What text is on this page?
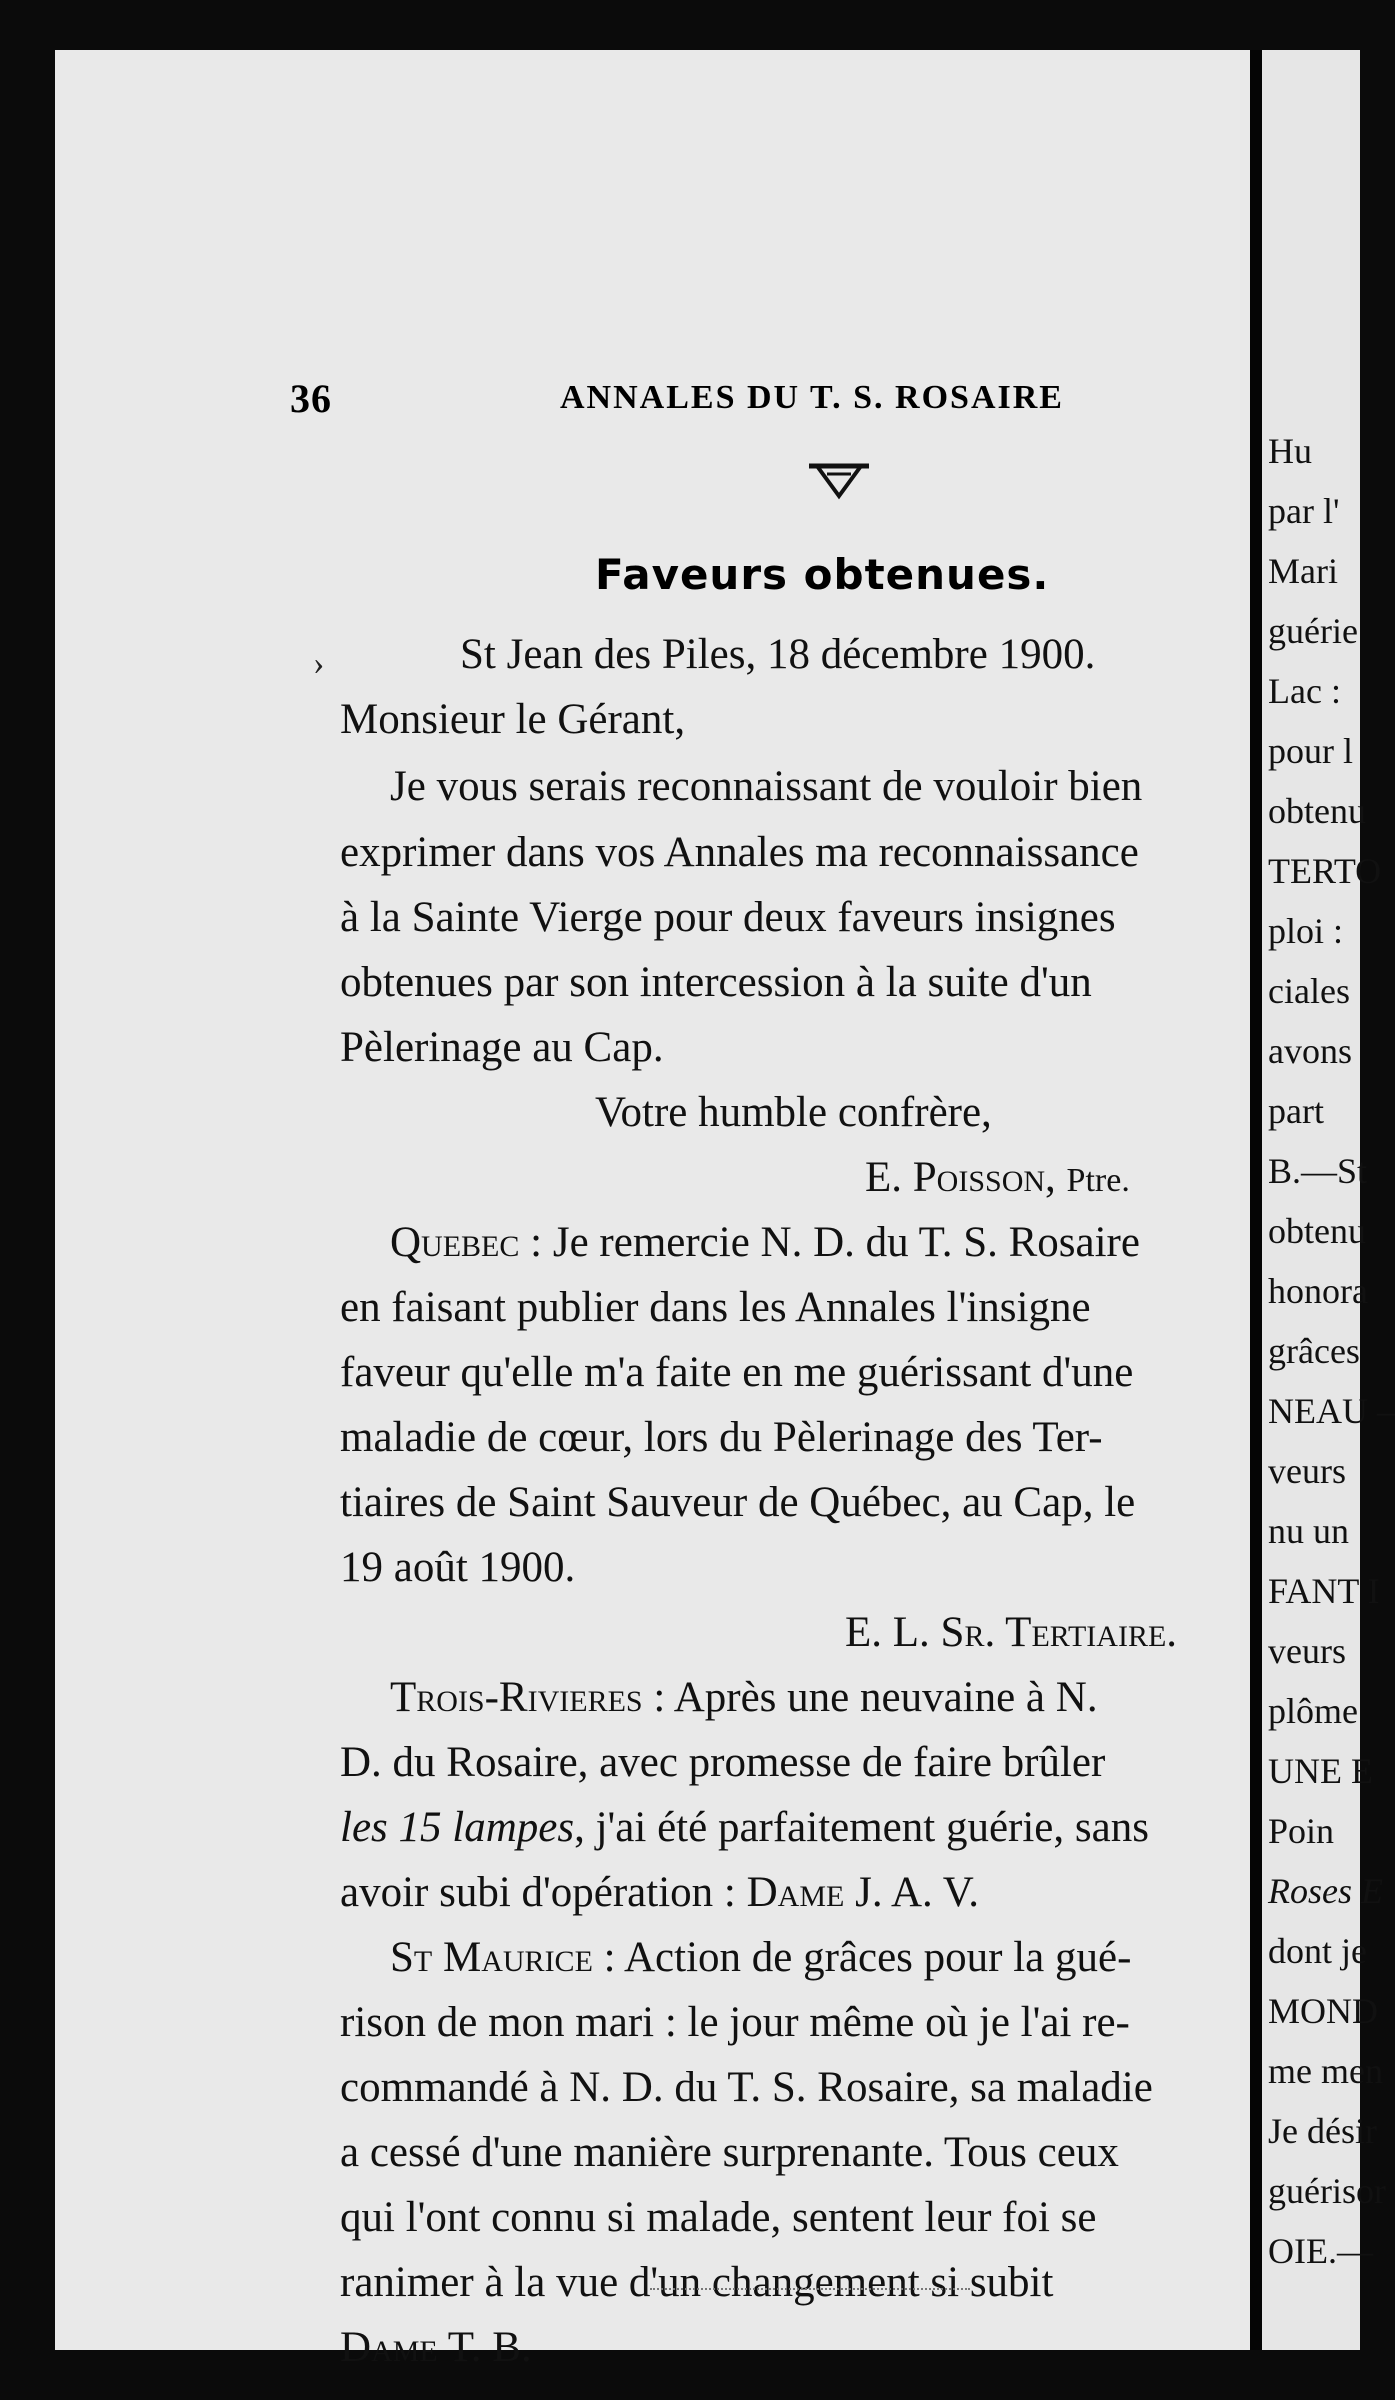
36	ANNALES DU T. S. ROSAIRE
Faveurs obtenues.
›	St Jean des Piles, 18 décembre 1900.
Monsieur le Gérant,
Je vous serais reconnaissant de vouloir bien
exprimer dans vos Annales ma reconnaissance
à la Sainte Vierge pour deux faveurs insignes
obtenues par son intercession à la suite d'un
Pèlerinage au Cap.
Votre humble confrère,
E. Poisson, Ptre.
Quebec : Je remercie N. D. du T. S. Rosaire
en faisant publier dans les Annales l'insigne
faveur qu'elle m'a faite en me guérissant d'une
maladie de cœur, lors du Pèlerinage des Ter-
tiaires de Saint Sauveur de Québec, au Cap, le
19 août 1900.
E. L. Sr. Tertiaire.
Trois-Rivieres : Après une neuvaine à N.
D. du Rosaire, avec promesse de faire brûler
les 15 lampes, j'ai été parfaitement guérie, sans
avoir subi d'opération : Dame J. A. V.
St Maurice : Action de grâces pour la gué-
rison de mon mari : le jour même où je l'ai re-
commandé à N. D. du T. S. Rosaire, sa maladie
a cessé d'une manière surprenante. Tous ceux
qui l'ont connu si malade, sentent leur foi se
ranimer à la vue d'un changement si subit
Dame T. B.
Hu
par l'
Mari
guérie
Lac :
pour l
obtenu
TERTO
ploi :
ciales
avons
part
B.—St
obtenu
honora
grâces
NEAU –
veurs
nu un
FANT I
veurs
plôme
UNE E
Poin
Roses E
dont je
MOND
me men
Je désir
guérisor
OIE.—
